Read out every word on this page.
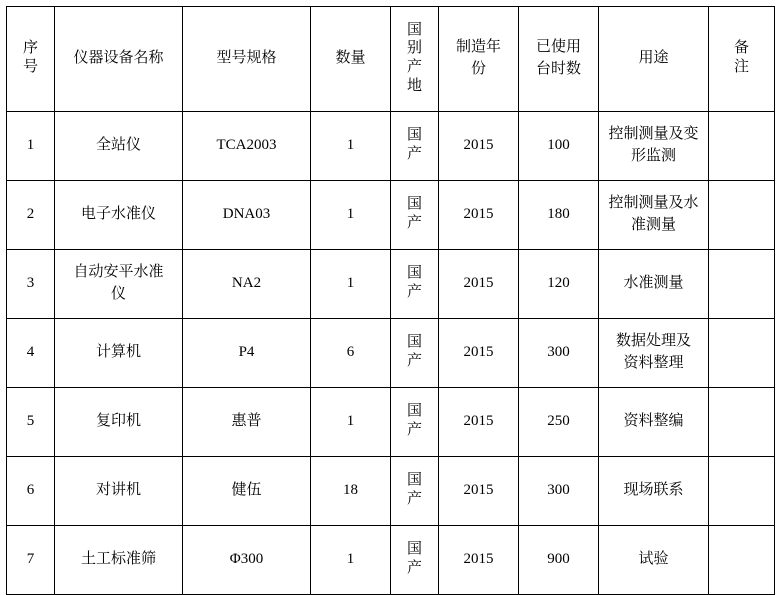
序号	仪器设备名称	型号规格	数量	国别产地	制造年份	已使用台时数	用途	备注
1	全站仪	TCA2003	1	国产	2015	100	控制测量及变形监测	
2	电子水准仪	DNA03	1	国产	2015	180	控制测量及水准测量	
3	自动安平水准仪	NA2	1	国产	2015	120	水准测量	
4	计算机	P4	6	国产	2015	300	数据处理及资料整理	
5	复印机	惠普	1	国产	2015	250	资料整编	
6	对讲机	健伍	18	国产	2015	300	现场联系	
7	土工标准筛	Φ300	1	国产	2015	900	试验	
